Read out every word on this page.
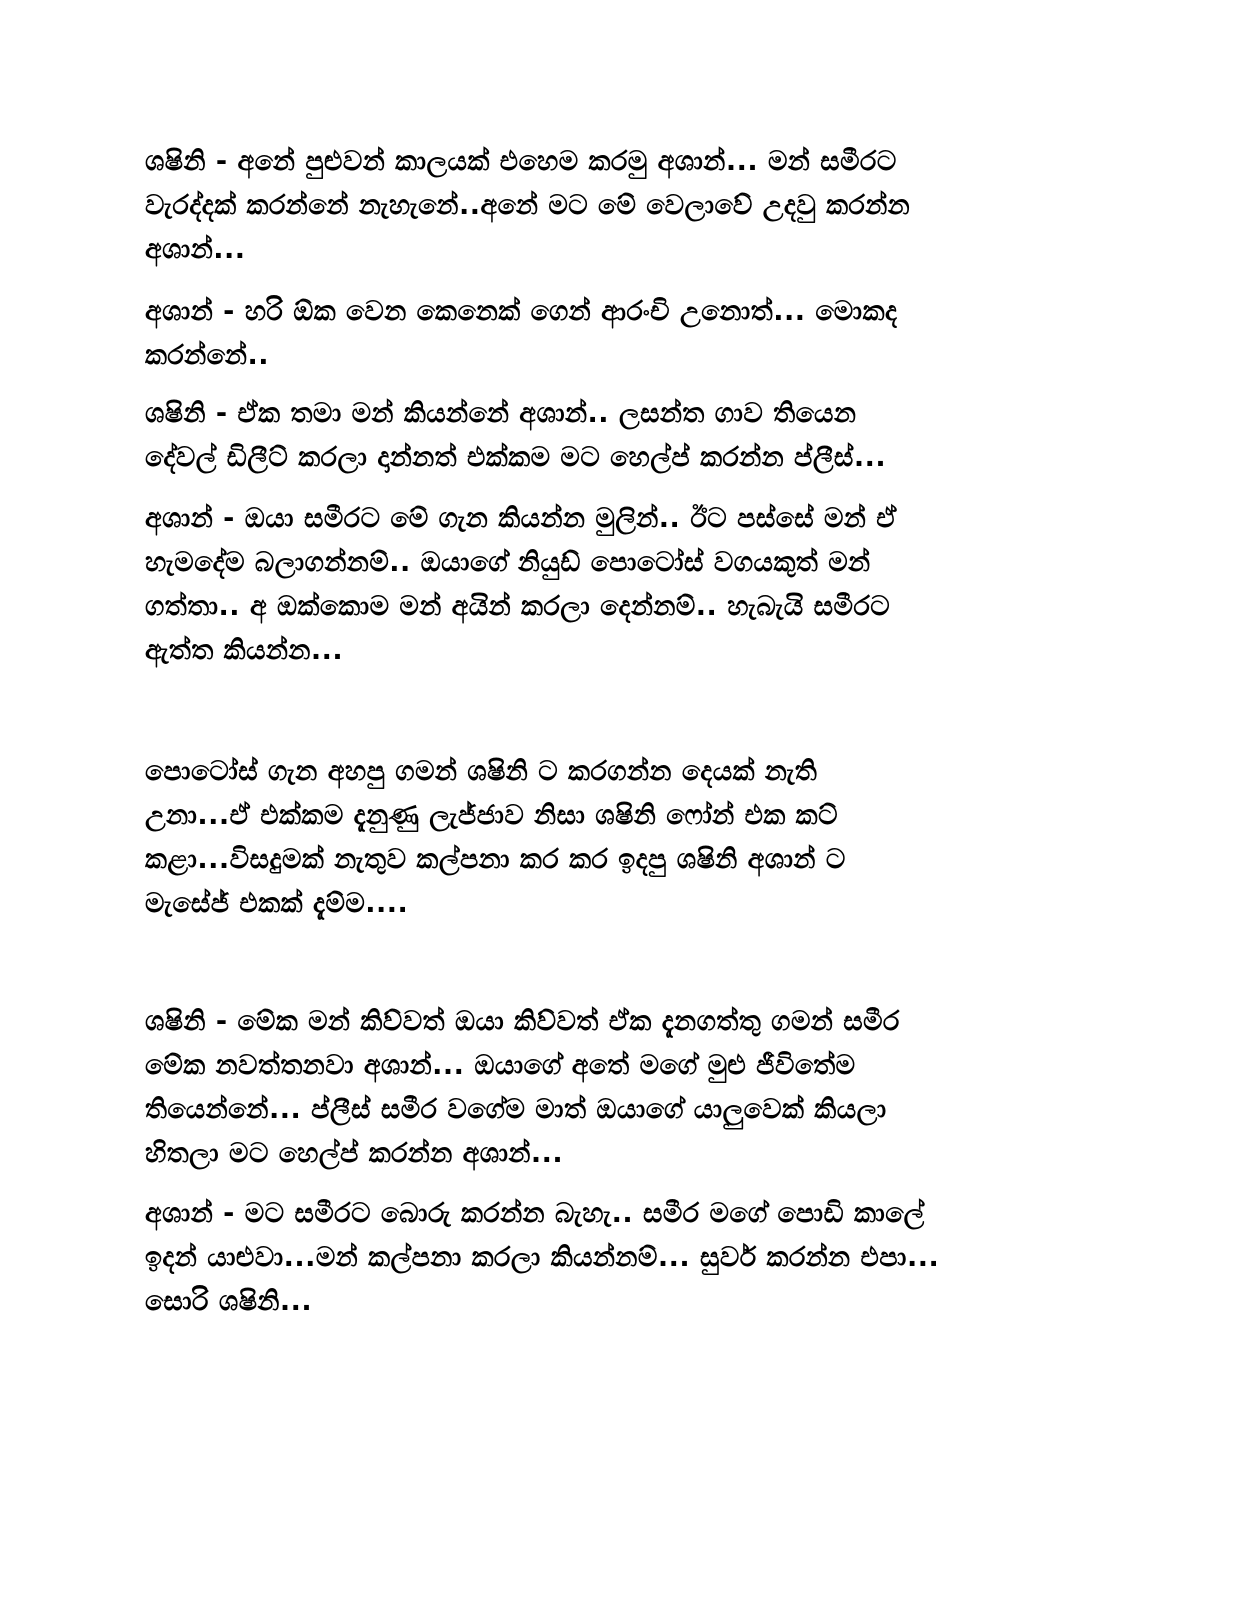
ශෂිනි - අනේ පුළුවන් කාලයක් එහෙම කරමු අශාන්... මන් සමීරට
වැරද්දක් කරන්නේ නැහැනේ..අනේ මට මේ වෙලාවේ උදවු කරන්න
අශාන්...
අශාන් - හරි ඕක වෙන කෙනෙක් ගෙන් ආරංචි උනොත්... මොකද
කරන්නේ..
ශෂිනි - ඒක තමා මන් කියන්නේ අශාන්.. ලසන්ත ගාව තියෙන
දේවල් ඩිලීට් කරලා දාන්නත් එක්කම මට හෙල්ප් කරන්න ප්ලීස්...
අශාන් - ඔයා සමීරට මේ ගැන කියන්න මුලින්.. ඊට පස්සේ මන් ඒ
හැමදේම බලාගන්නම්.. ඔයාගේ නියුඩ් පොටෝස් වගයකුත් මන්
ගත්තා.. අ ඔක්කොම මන් අයින් කරලා දෙන්නම්.. හැබැයි සමීරට
ඇත්ත කියන්න...
පොටෝස් ගැන අහපු ගමන් ශෂිනි ට කරගන්න දෙයක් නැති
උනා...ඒ එක්කම දැනුණු ලැජ්ජාව නිසා ශෂිනි ෆෝන් එක කට්
කළා...විසදුමක් නැතුව කල්පනා කර කර ඉදපු ශෂිනි අශාන් ට
මැසේජ් එකක් දැම්ම....
ශෂිනි - මේක මන් කිව්වත් ඔයා කිව්වත් ඒක දැනගත්තු ගමන් සමීර
මේක නවත්තනවා අශාන්... ඔයාගේ අතේ මගේ මුළු ජීවිතේම
තියෙන්නේ... ප්ලීස් සමීර වගේම මාත් ඔයාගේ යාලුවෙක් කියලා
හිතලා මට හෙල්ප් කරන්න අශාන්...
අශාන් - මට සමීරට බොරු කරන්න බැහැ.. සමීර මගේ පොඩි කාලේ
ඉදන් යාළුවා...මන් කල්පනා කරලා කියන්නම්... සුවර් කරන්න එපා...
සොරි ශෂිනි...
